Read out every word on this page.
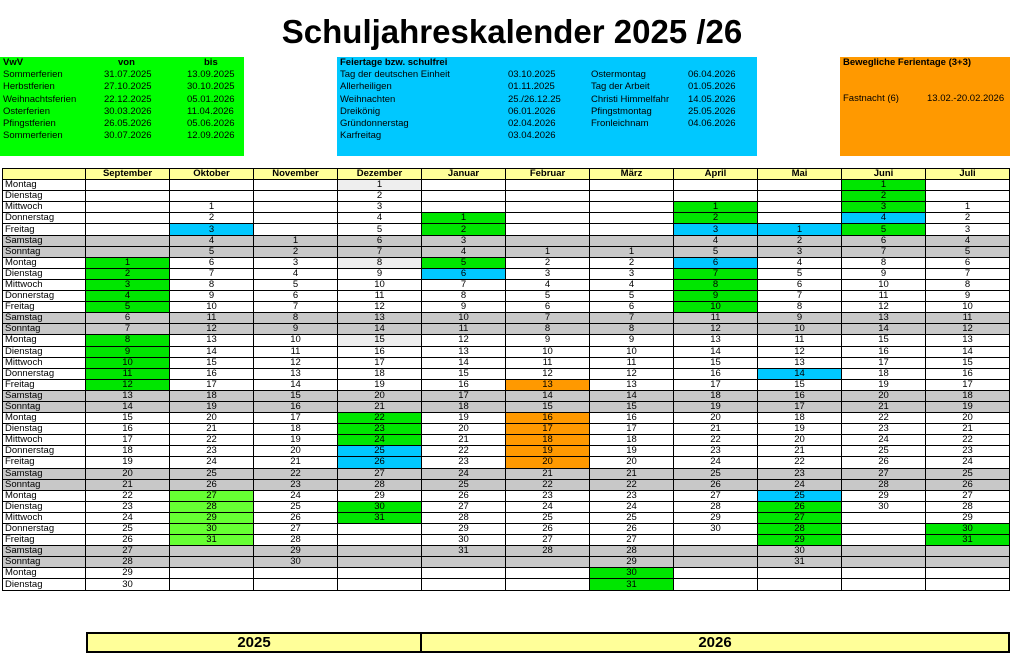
Schuljahreskalender 2025 /26
VwV	von	bis
Sommerferien	31.07.2025	13.09.2025
Herbstferien	27.10.2025	30.10.2025
Weihnachtsferien	22.12.2025	05.01.2026
Osterferien	30.03.2026	11.04.2026
Pfingstferien	26.05.2026	05.06.2026
Sommerferien	30.07.2026	12.09.2026
Feiertage bzw. schulfrei
Tag der deutschen Einheit	03.10.2025	Ostermontag	06.04.2026
Allerheiligen	01.11.2025	Tag der Arbeit	01.05.2026
Weihnachten	25./26.12.25	Christi Himmelfahr 14.05.2026
Dreikönig	06.01.2026	Pfingstmontag	25.05.2026
Gründonnerstag	02.04.2026	Fronleichnam	04.06.2026
Karfreitag	03.04.2026
Bewegliche Ferientage (3+3)
Fastnacht (6)	13.02.-20.02.2026
	September	Oktober	November	Dezember	Januar	Februar	März	April	Mai	Juni	Juli
Montag				1						1	
Dienstag				2						2	
Mittwoch		1		3				1		3	1
Donnerstag		2		4	1			2		4	2
Freitag		3		5	2			3	1	5	3
Samstag		4	1	6	3			4	2	6	4
Sonntag		5	2	7	4	1	1	5	3	7	5
Montag	1	6	3	8	5	2	2	6	4	8	6
Dienstag	2	7	4	9	6	3	3	7	5	9	7
Mittwoch	3	8	5	10	7	4	4	8	6	10	8
Donnerstag	4	9	6	11	8	5	5	9	7	11	9
Freitag	5	10	7	12	9	6	6	10	8	12	10
Samstag	6	11	8	13	10	7	7	11	9	13	11
Sonntag	7	12	9	14	11	8	8	12	10	14	12
Montag	8	13	10	15	12	9	9	13	11	15	13
Dienstag	9	14	11	16	13	10	10	14	12	16	14
Mittwoch	10	15	12	17	14	11	11	15	13	17	15
Donnerstag	11	16	13	18	15	12	12	16	14	18	16
Freitag	12	17	14	19	16	13	13	17	15	19	17
Samstag	13	18	15	20	17	14	14	18	16	20	18
Sonntag	14	19	16	21	18	15	15	19	17	21	19
Montag	15	20	17	22	19	16	16	20	18	22	20
Dienstag	16	21	18	23	20	17	17	21	19	23	21
Mittwoch	17	22	19	24	21	18	18	22	20	24	22
Donnerstag	18	23	20	25	22	19	19	23	21	25	23
Freitag	19	24	21	26	23	20	20	24	22	26	24
Samstag	20	25	22	27	24	21	21	25	23	27	25
Sonntag	21	26	23	28	25	22	22	26	24	28	26
Montag	22	27	24	29	26	23	23	27	25	29	27
Dienstag	23	28	25	30	27	24	24	28	26	30	28
Mittwoch	24	29	26	31	28	25	25	29	27		29
Donnerstag	25	30	27		29	26	26	30	28		30
Freitag	26	31	28		30	27	27		29		31
Samstag	27		29		31	28	28		30		
Sonntag	28		30				29		31		
Montag	29						30				
Dienstag	30						31				
2025	2026
